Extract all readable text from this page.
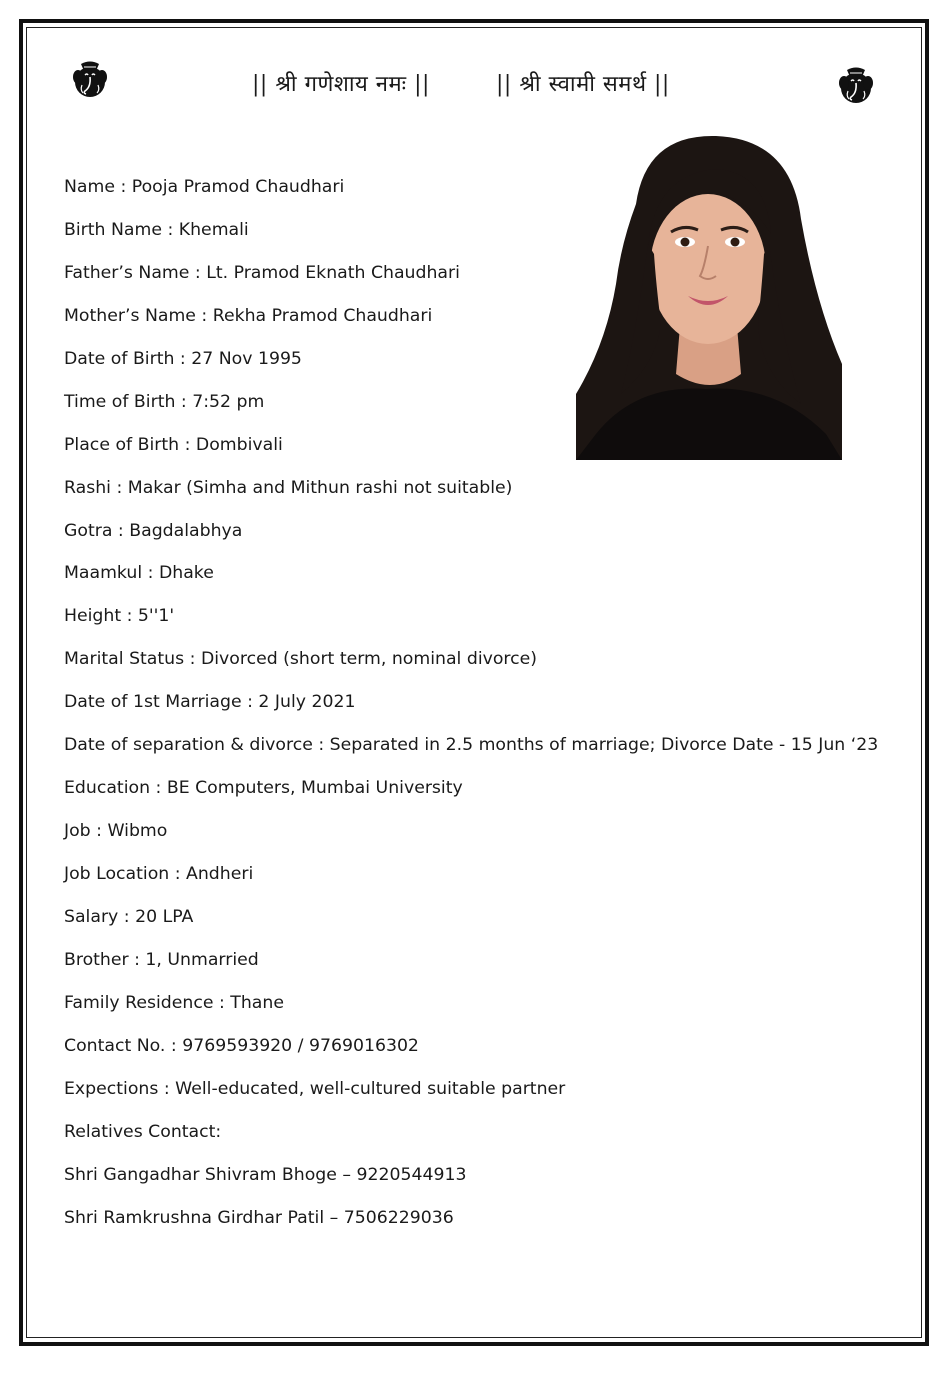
|| श्री गणेशाय नमः ||	|| श्री स्वामी समर्थ ||
Name : Pooja Pramod Chaudhari
Birth Name : Khemali
Father’s Name : Lt. Pramod Eknath Chaudhari
Mother’s Name : Rekha Pramod Chaudhari
Date of Birth : 27 Nov 1995
Time of Birth : 7:52 pm
Place of Birth : Dombivali
Rashi : Makar (Simha and Mithun rashi not suitable)
Gotra : Bagdalabhya
Maamkul : Dhake
Height : 5''1'
Marital Status : Divorced (short term, nominal divorce)
Date of 1st Marriage : 2 July 2021
Date of separation & divorce : Separated in 2.5 months of marriage; Divorce Date - 15 Jun ‘23
Education : BE Computers, Mumbai University
Job : Wibmo
Job Location : Andheri
Salary : 20 LPA
Brother : 1, Unmarried
Family Residence : Thane
Contact No. : 9769593920 / 9769016302
Expections : Well-educated, well-cultured suitable partner
Relatives Contact:
Shri Gangadhar Shivram Bhoge – 9220544913
Shri Ramkrushna Girdhar Patil – 7506229036
